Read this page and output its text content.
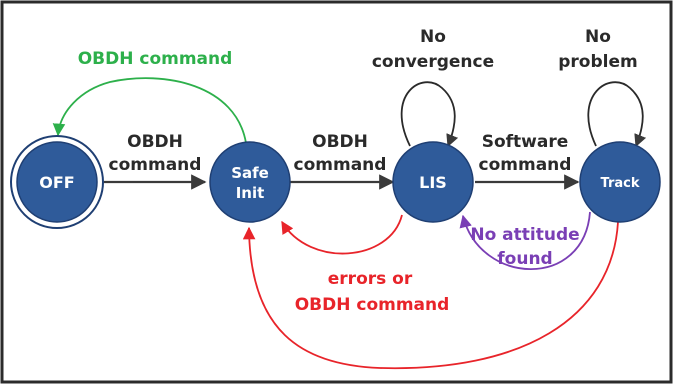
OFF	Safe
Init
LIS	Track
OBDH
command
OBDH command
OBDH
command
No
convergence
Software
command
No
problem
No attitude
found
errors or
OBDH command
